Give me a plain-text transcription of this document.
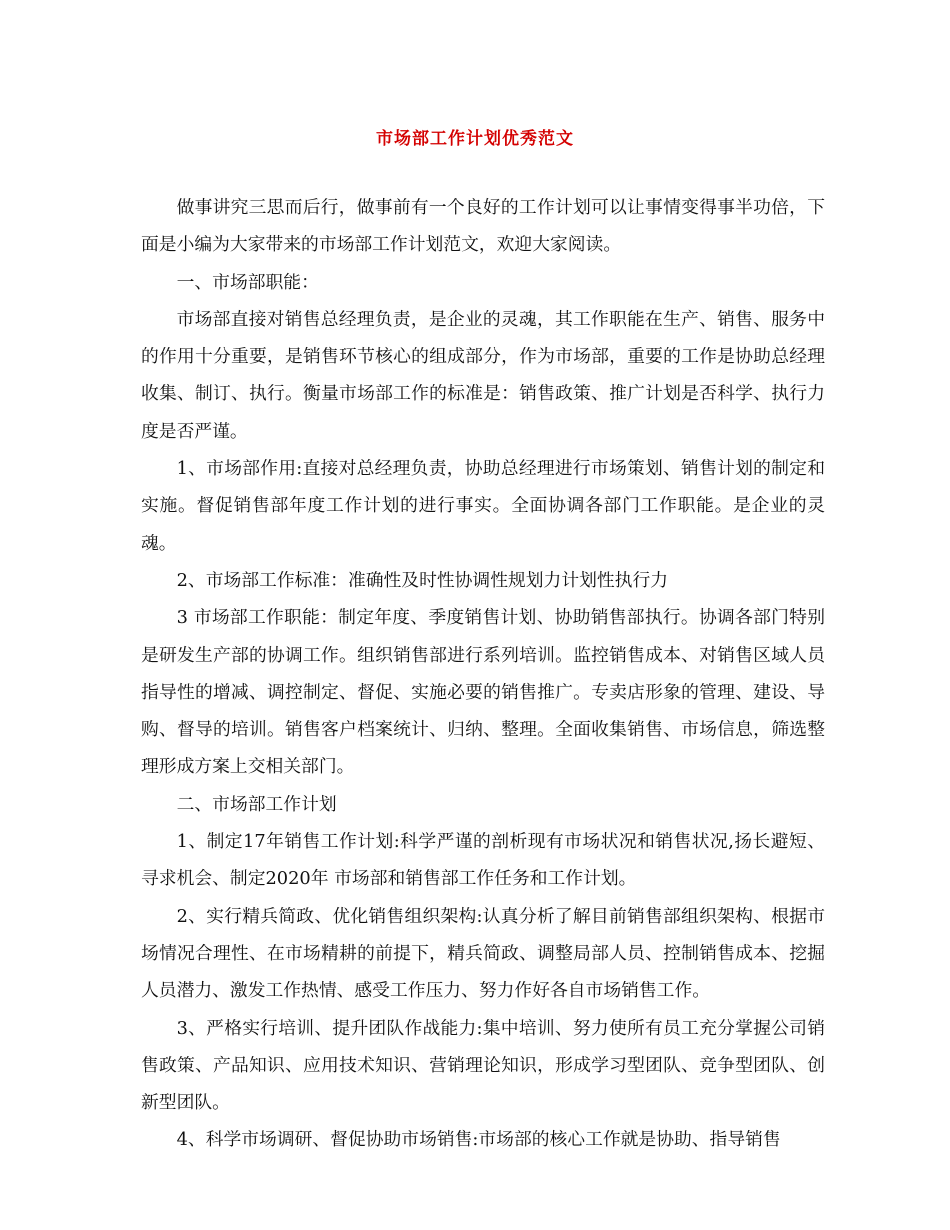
市场部工作计划优秀范文

做事讲究三思而后行，做事前有一个良好的工作计划可以让事情变得事半功倍，下面是小编为大家带来的市场部工作计划范文，欢迎大家阅读。

一、市场部职能：

市场部直接对销售总经理负责，是企业的灵魂，其工作职能在生产、销售、服务中的作用十分重要，是销售环节核心的组成部分，作为市场部，重要的工作是协助总经理收集、制订、执行。衡量市场部工作的标准是：销售政策、推广计划是否科学、执行力度是否严谨。

1、市场部作用:直接对总经理负责，协助总经理进行市场策划、销售计划的制定和实施。督促销售部年度工作计划的进行事实。全面协调各部门工作职能。是企业的灵魂。

2、市场部工作标准：准确性及时性协调性规划力计划性执行力

3 市场部工作职能：制定年度、季度销售计划、协助销售部执行。协调各部门特别是研发生产部的协调工作。组织销售部进行系列培训。监控销售成本、对销售区域人员指导性的增减、调控制定、督促、实施必要的销售推广。专卖店形象的管理、建设、导购、督导的培训。销售客户档案统计、归纳、整理。全面收集销售、市场信息，筛选整理形成方案上交相关部门。

二、市场部工作计划

1、制定17年销售工作计划:科学严谨的剖析现有市场状况和销售状况,扬长避短、寻求机会、制定2020年 市场部和销售部工作任务和工作计划。

2、实行精兵简政、优化销售组织架构:认真分析了解目前销售部组织架构、根据市场情况合理性、在市场精耕的前提下，精兵简政、调整局部人员、控制销售成本、挖掘人员潜力、激发工作热情、感受工作压力、努力作好各自市场销售工作。

3、严格实行培训、提升团队作战能力:集中培训、努力使所有员工充分掌握公司销售政策、产品知识、应用技术知识、营销理论知识，形成学习型团队、竞争型团队、创新型团队。

4、科学市场调研、督促协助市场销售:市场部的核心工作就是协助、指导销售
